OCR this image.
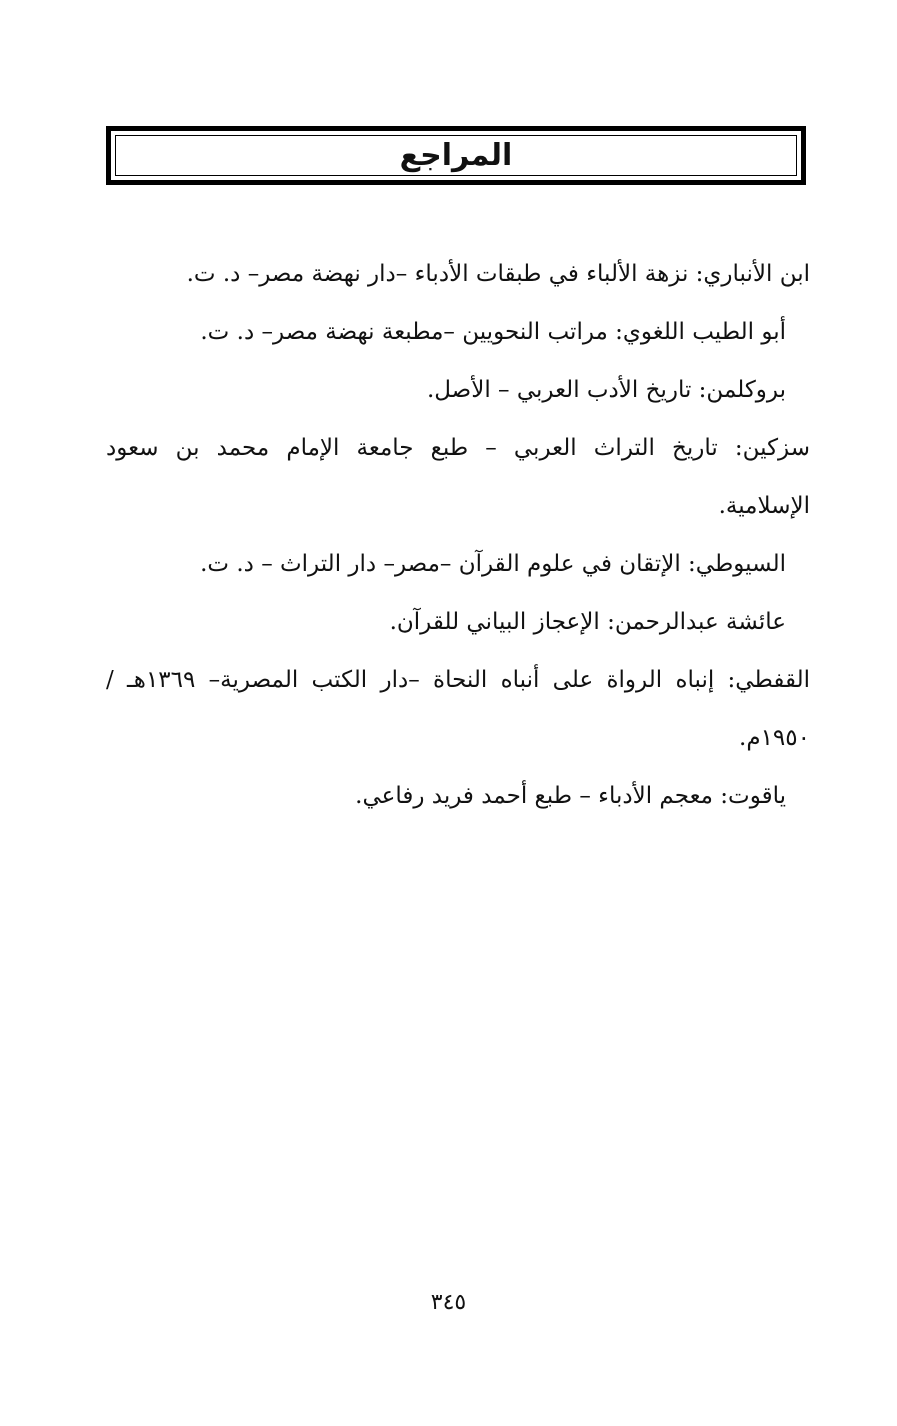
المراجع

ابن الأنباري: نزهة الألباء في طبقات الأدباء –دار نهضة مصر– د. ت.

أبو الطيب اللغوي: مراتب النحويين –مطبعة نهضة مصر– د. ت.

بروكلمن: تاريخ الأدب العربي – الأصل.

سزكين: تاريخ التراث العربي – طبع جامعة الإمام محمد بن سعود الإسلامية.

السيوطي: الإتقان في علوم القرآن –مصر– دار التراث – د. ت.

عائشة عبدالرحمن: الإعجاز البياني للقرآن.

القفطي: إنباه الرواة على أنباه النحاة –دار الكتب المصرية– ١٣٦٩هـ / ١٩٥٠م.

ياقوت: معجم الأدباء – طبع أحمد فريد رفاعي.

٣٤٥
